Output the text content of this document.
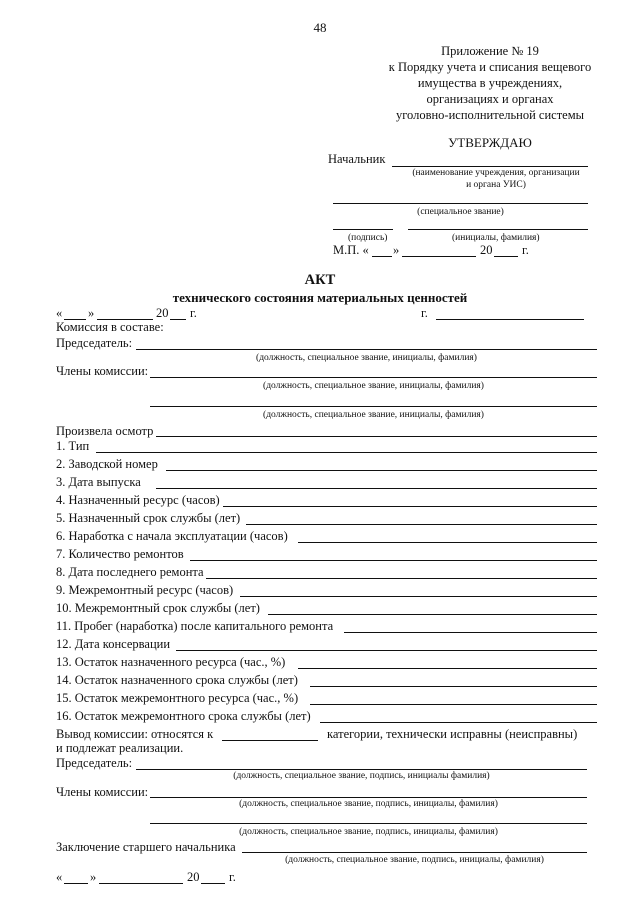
48
Приложение № 19
к Порядку учета и списания вещевого
имущества в учреждениях,
организациях и органах
уголовно-исполнительной системы
УТВЕРЖДАЮ
Начальник
(наименование учреждения, организации
и органа УИС)
(специальное звание)
(подпись)	(инициалы, фамилия)
М.П. « »	20 г.
АКТ
технического состояния материальных ценностей
« »	20 г.	г.
Комиссия в составе:
Председатель:
(должность, специальное звание, инициалы, фамилия)
Члены комиссии:
(должность, специальное звание, инициалы, фамилия)
(должность, специальное звание, инициалы, фамилия)
Произвела осмотр
1. Тип
2. Заводской номер
3. Дата выпуска
4. Назначенный ресурс (часов)
5. Назначенный срок службы (лет)
6. Наработка с начала эксплуатации (часов)
7. Количество ремонтов
8. Дата последнего ремонта
9. Межремонтный ресурс (часов)
10. Межремонтный срок службы (лет)
11. Пробег (наработка) после капитального ремонта
12. Дата консервации
13. Остаток назначенного ресурса (час., %)
14. Остаток назначенного срока службы (лет)
15. Остаток межремонтного ресурса (час., %)
16. Остаток межремонтного срока службы (лет)
Вывод комиссии: относятся к	категории, технически исправны (неисправны)
и подлежат реализации.
Председатель:
(должность, специальное звание, подпись, инициалы фамилия)
Члены комиссии:
(должность, специальное звание, подпись, инициалы, фамилия)
(должность, специальное звание, подпись, инициалы, фамилия)
Заключение старшего начальника
(должность, специальное звание, подпись, инициалы, фамилия)
« »	20 г.
